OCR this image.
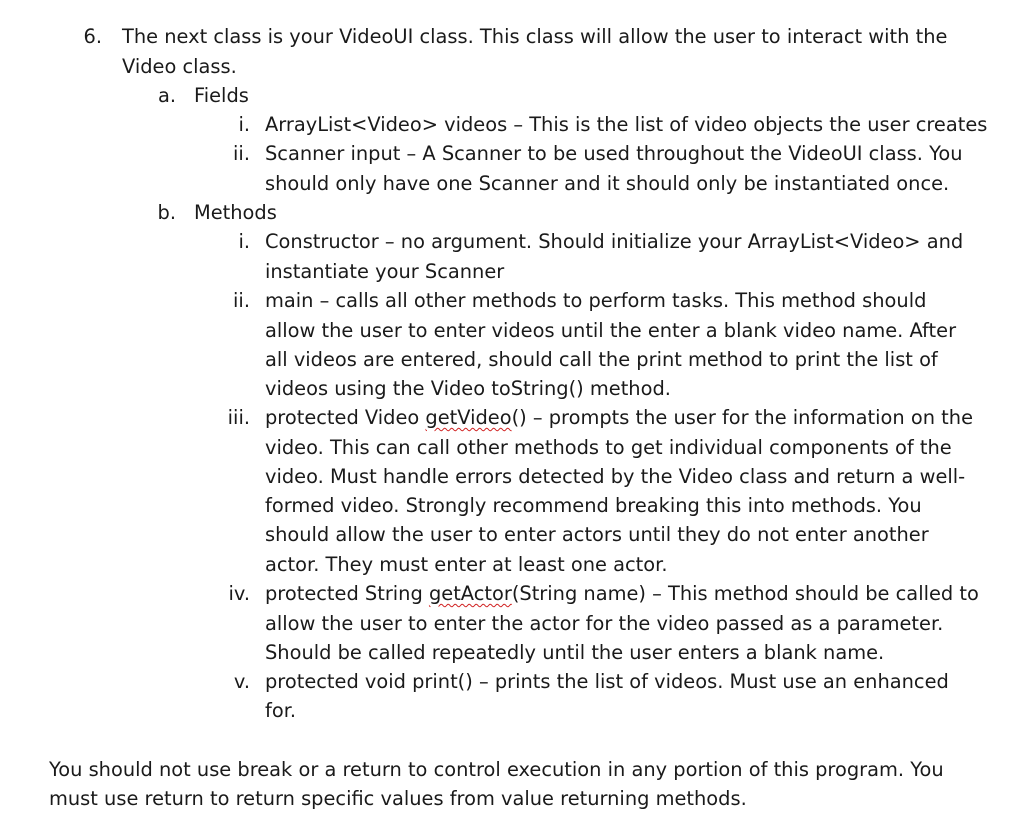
6. The next class is your VideoUI class. This class will allow the user to interact with the
Video class.
a. Fields
i. ArrayList<Video> videos – This is the list of video objects the user creates
ii. Scanner input – A Scanner to be used throughout the VideoUI class. You
should only have one Scanner and it should only be instantiated once.
b. Methods
i. Constructor – no argument. Should initialize your ArrayList<Video> and
instantiate your Scanner
ii. main – calls all other methods to perform tasks. This method should
allow the user to enter videos until the enter a blank video name. After
all videos are entered, should call the print method to print the list of
videos using the Video toString() method.
iii. protected Video getVideo() – prompts the user for the information on the
video. This can call other methods to get individual components of the
video. Must handle errors detected by the Video class and return a well-
formed video. Strongly recommend breaking this into methods. You
should allow the user to enter actors until they do not enter another
actor. They must enter at least one actor.
iv. protected String getActor(String name) – This method should be called to
allow the user to enter the actor for the video passed as a parameter.
Should be called repeatedly until the user enters a blank name.
v. protected void print() – prints the list of videos. Must use an enhanced
for.
You should not use break or a return to control execution in any portion of this program. You
must use return to return specific values from value returning methods.
